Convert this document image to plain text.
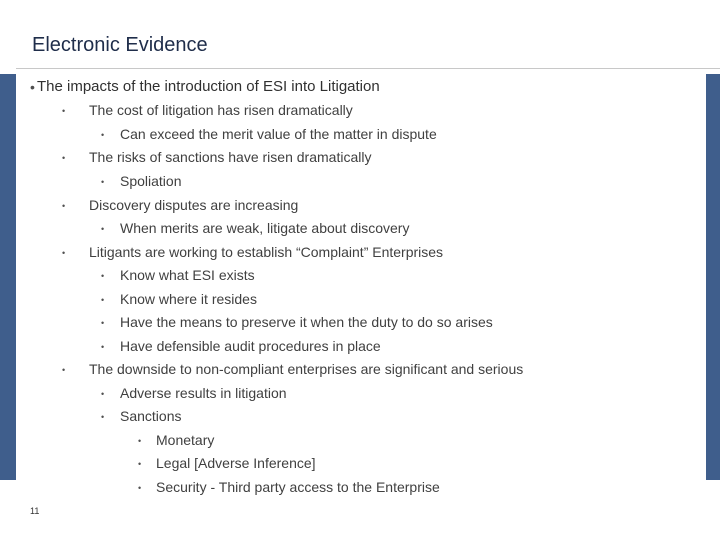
Electronic Evidence
• The impacts of the introduction of ESI into Litigation
• The cost of litigation has risen dramatically
• Can exceed the merit value of the matter in dispute
• The risks of sanctions have risen dramatically
• Spoliation
• Discovery disputes are increasing
• When merits are weak, litigate about discovery
• Litigants are working to establish “Complaint” Enterprises
• Know what ESI exists
• Know where it resides
• Have the means to preserve it when the duty to do so arises
• Have defensible audit procedures in place
• The downside to non-compliant enterprises are significant and serious
• Adverse results in litigation
• Sanctions
• Monetary
• Legal [Adverse Inference]
• Security - Third party access to the Enterprise
11
